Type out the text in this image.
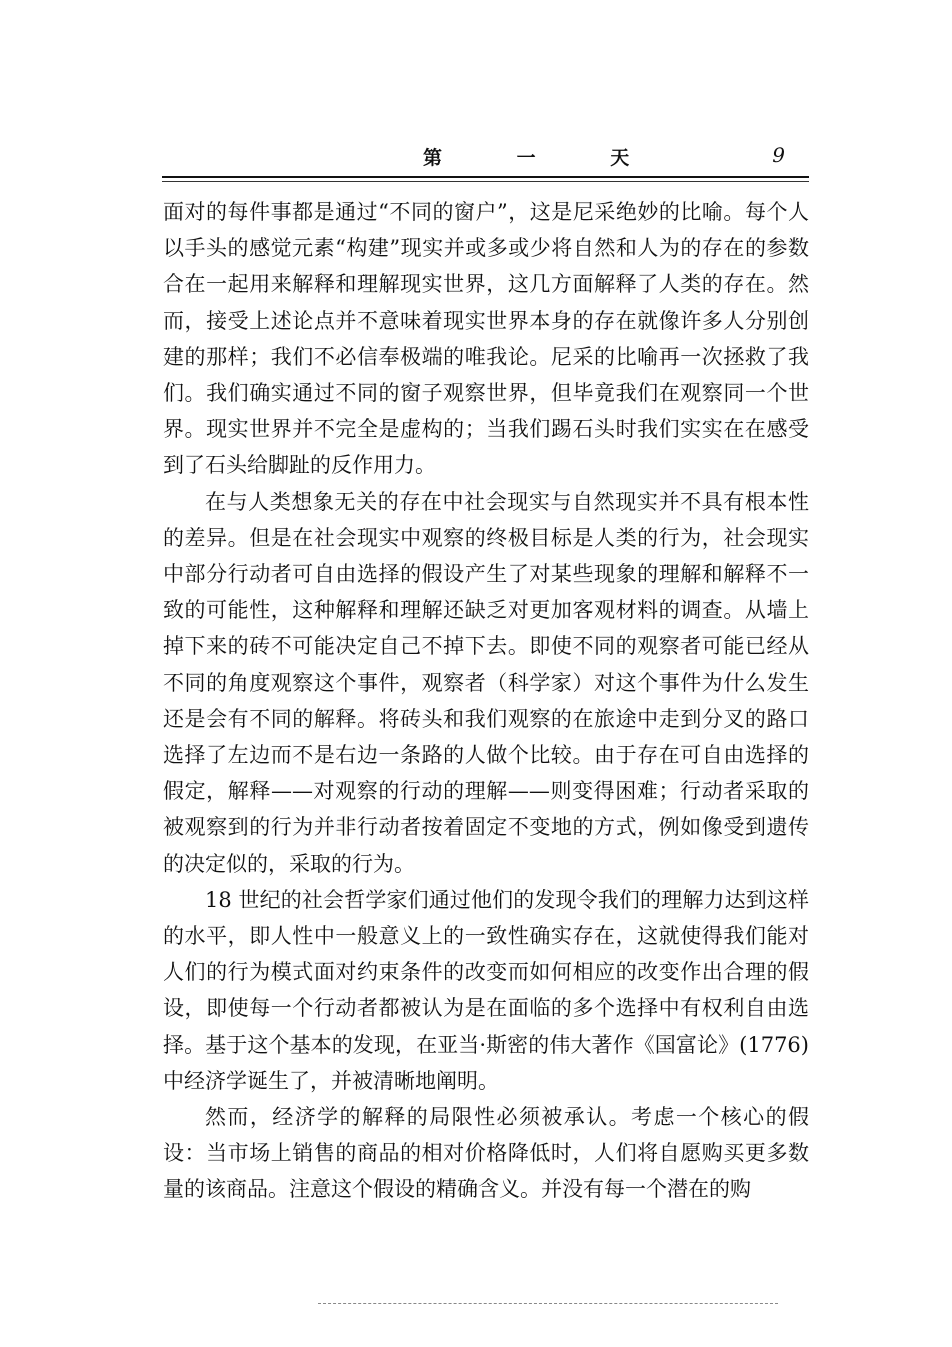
第 一 天	9

面对的每件事都是通过“不同的窗户”，这是尼采绝妙的比喻。每个人以手头的感觉元素“构建”现实并或多或少将自然和人为的存在的参数合在一起用来解释和理解现实世界，这几方面解释了人类的存在。然而，接受上述论点并不意味着现实世界本身的存在就像许多人分别创建的那样；我们不必信奉极端的唯我论。尼采的比喻再一次拯救了我们。我们确实通过不同的窗子观察世界，但毕竟我们在观察同一个世界。现实世界并不完全是虚构的；当我们踢石头时我们实实在在感受到了石头给脚趾的反作用力。

在与人类想象无关的存在中社会现实与自然现实并不具有根本性的差异。但是在社会现实中观察的终极目标是人类的行为，社会现实中部分行动者可自由选择的假设产生了对某些现象的理解和解释不一致的可能性，这种解释和理解还缺乏对更加客观材料的调查。从墙上掉下来的砖不可能决定自己不掉下去。即使不同的观察者可能已经从不同的角度观察这个事件，观察者（科学家）对这个事件为什么发生还是会有不同的解释。将砖头和我们观察的在旅途中走到分叉的路口选择了左边而不是右边一条路的人做个比较。由于存在可自由选择的假定，解释——对观察的行动的理解——则变得困难；行动者采取的被观察到的行为并非行动者按着固定不变地的方式，例如像受到遗传的决定似的，采取的行为。

18 世纪的社会哲学家们通过他们的发现令我们的理解力达到这样的水平，即人性中一般意义上的一致性确实存在，这就使得我们能对人们的行为模式面对约束条件的改变而如何相应的改变作出合理的假设，即使每一个行动者都被认为是在面临的多个选择中有权利自由选择。基于这个基本的发现，在亚当·斯密的伟大著作《国富论》(1776) 中经济学诞生了，并被清晰地阐明。

然而，经济学的解释的局限性必须被承认。考虑一个核心的假设：当市场上销售的商品的相对价格降低时，人们将自愿购买更多数量的该商品。注意这个假设的精确含义。并没有每一个潜在的购
